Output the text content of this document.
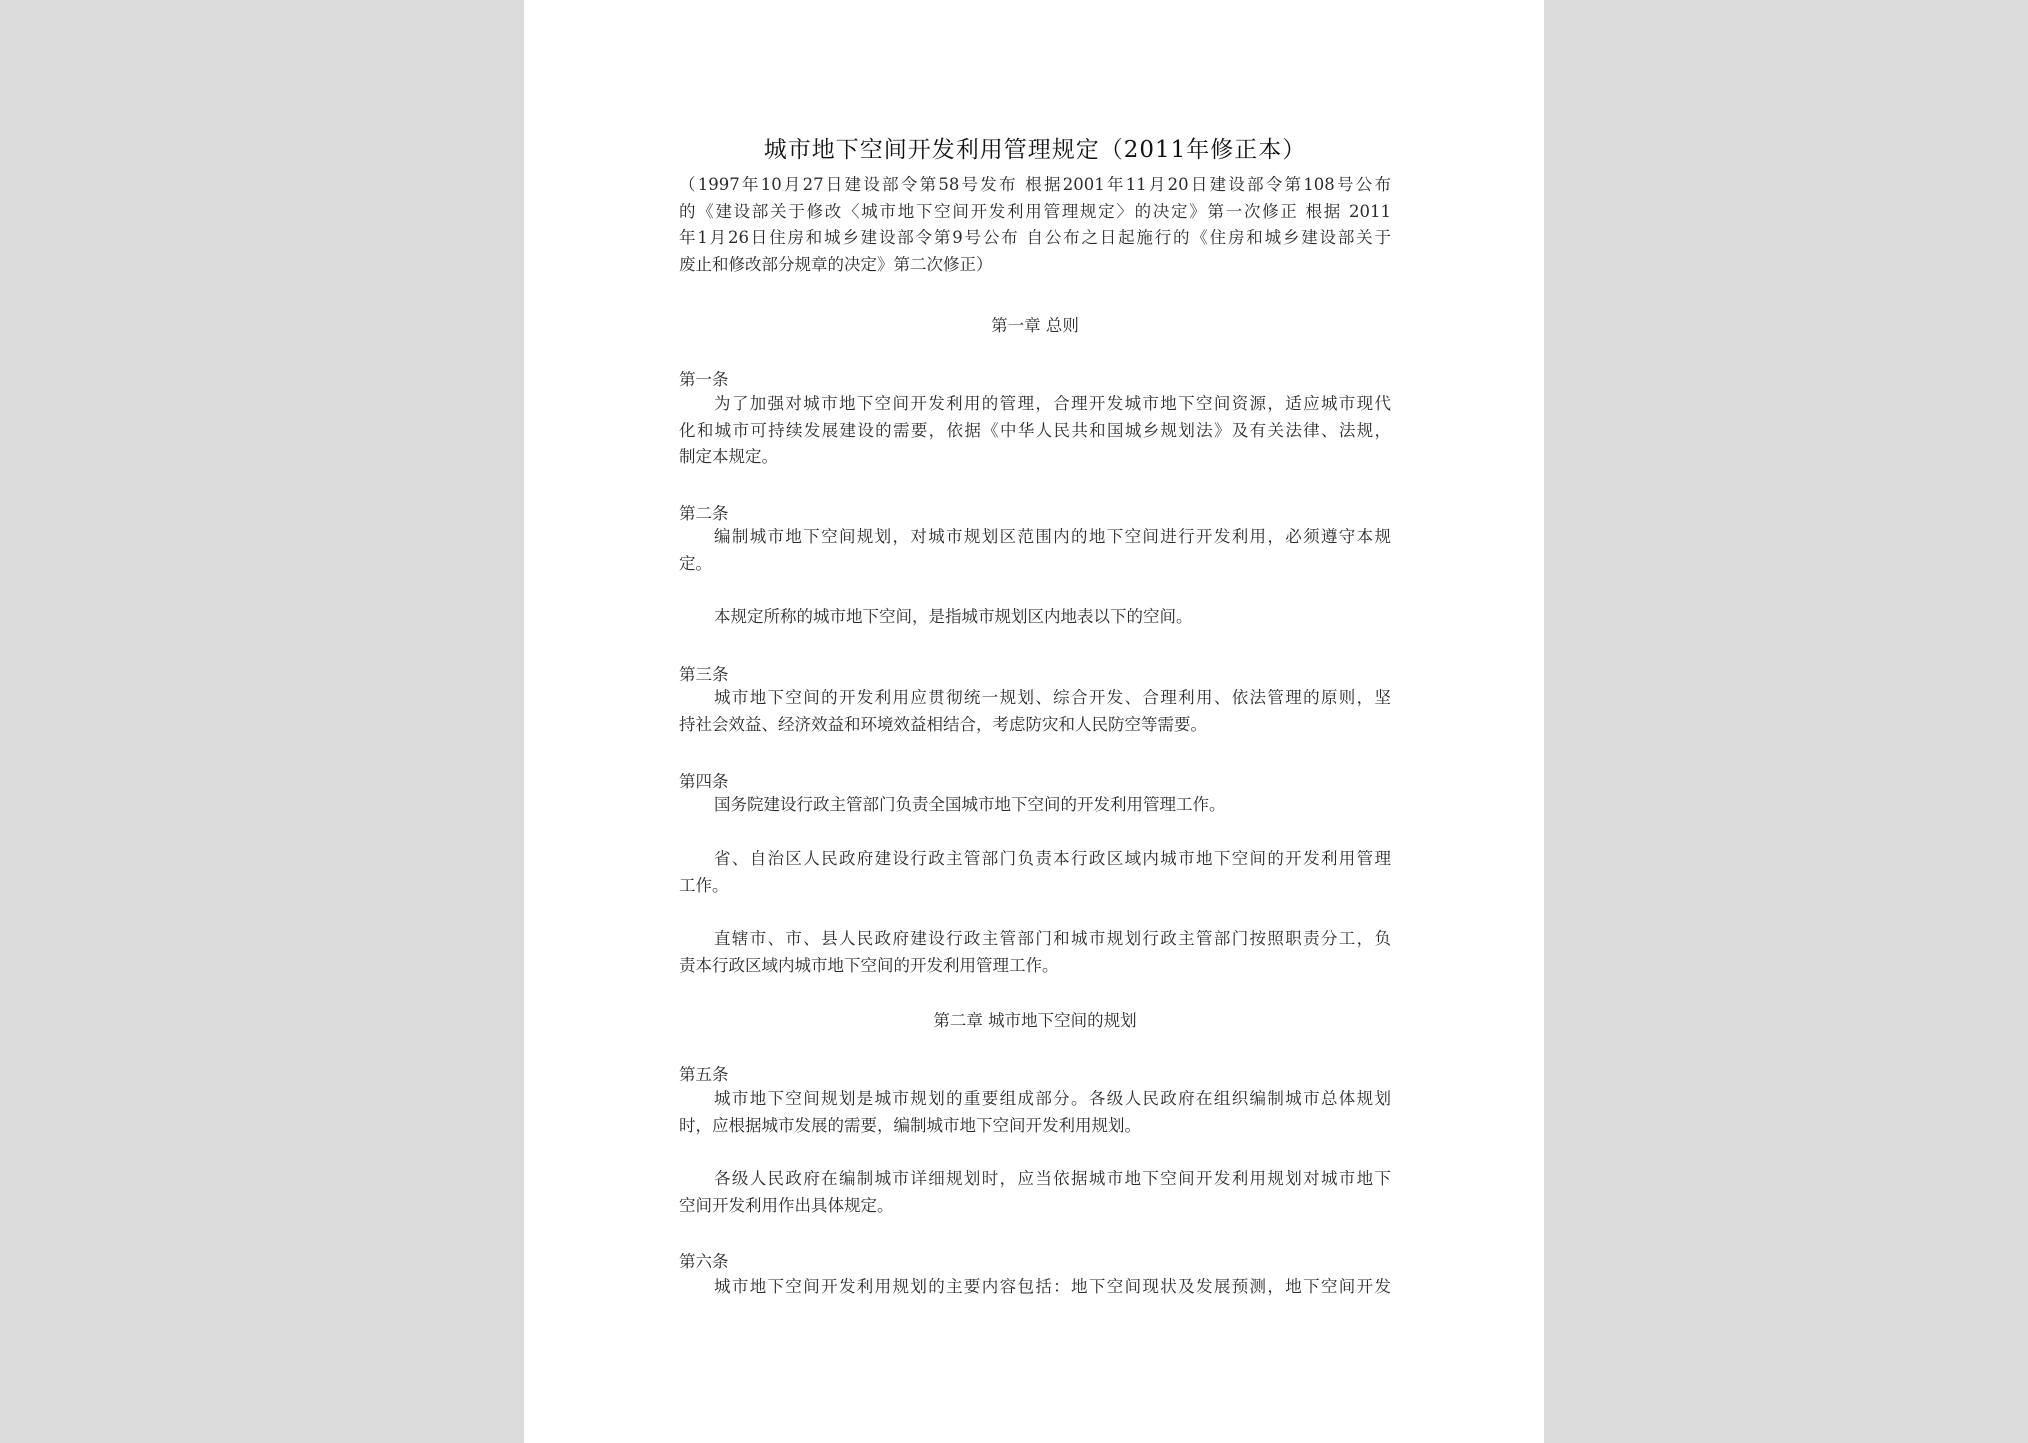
城市地下空间开发利用管理规定（2011年修正本）
（1997年10月27日建设部令第58号发布 根据2001年11月20日建设部令第108号公布
的《建设部关于修改〈城市地下空间开发利用管理规定〉的决定》第一次修正 根据 2011
年1月26日住房和城乡建设部令第9号公布 自公布之日起施行的《住房和城乡建设部关于
废止和修改部分规章的决定》第二次修正）
第一章 总则
第一条
为了加强对城市地下空间开发利用的管理，合理开发城市地下空间资源，适应城市现代
化和城市可持续发展建设的需要，依据《中华人民共和国城乡规划法》及有关法律、法规，
制定本规定。
第二条
编制城市地下空间规划，对城市规划区范围内的地下空间进行开发利用，必须遵守本规
定。
本规定所称的城市地下空间，是指城市规划区内地表以下的空间。
第三条
城市地下空间的开发利用应贯彻统一规划、综合开发、合理利用、依法管理的原则，坚
持社会效益、经济效益和环境效益相结合，考虑防灾和人民防空等需要。
第四条
国务院建设行政主管部门负责全国城市地下空间的开发利用管理工作。
省、自治区人民政府建设行政主管部门负责本行政区域内城市地下空间的开发利用管理
工作。
直辖市、市、县人民政府建设行政主管部门和城市规划行政主管部门按照职责分工，负
责本行政区域内城市地下空间的开发利用管理工作。
第二章 城市地下空间的规划
第五条
城市地下空间规划是城市规划的重要组成部分。各级人民政府在组织编制城市总体规划
时，应根据城市发展的需要，编制城市地下空间开发利用规划。
各级人民政府在编制城市详细规划时，应当依据城市地下空间开发利用规划对城市地下
空间开发利用作出具体规定。
第六条
城市地下空间开发利用规划的主要内容包括：地下空间现状及发展预测，地下空间开发
